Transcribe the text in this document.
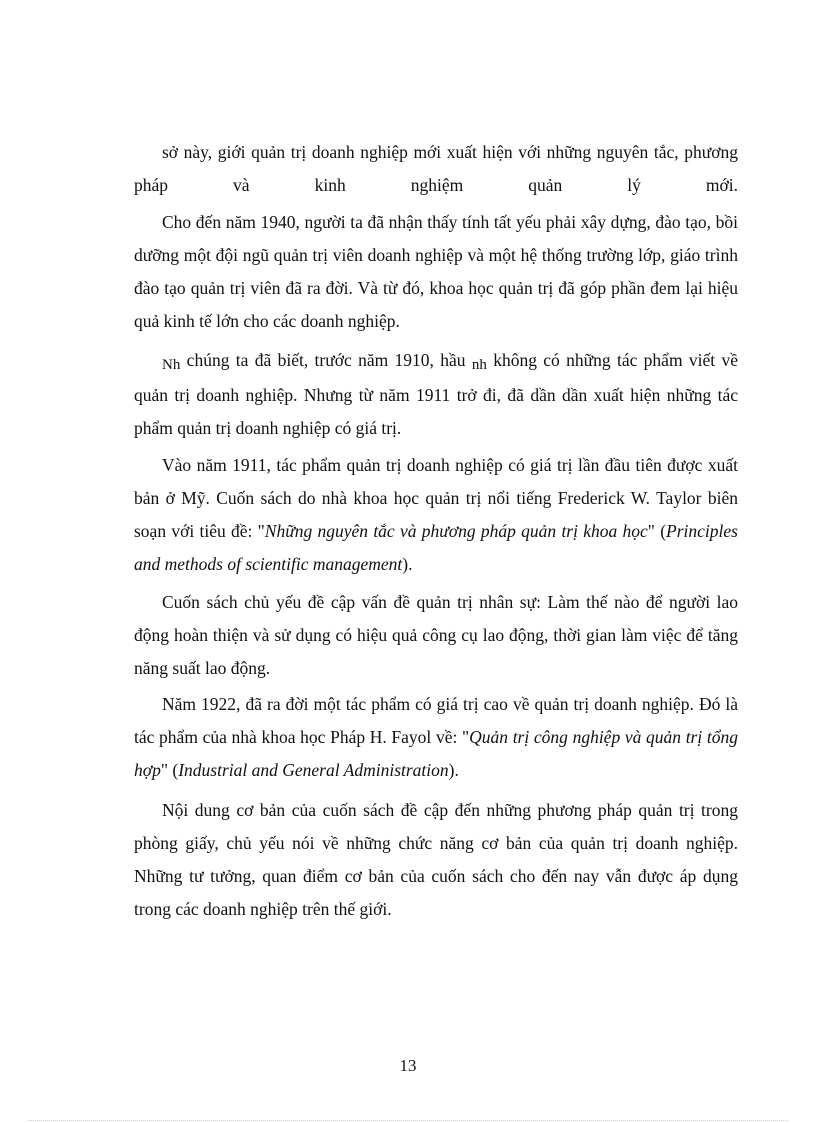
sở này, giới quản trị doanh nghiệp mới xuất hiện với những nguyên tắc, phương pháp và kinh nghiệm quản lý mới.

Cho đến năm 1940, người ta đã nhận thấy tính tất yếu phải xây dựng, đào tạo, bồi dưỡng một đội ngũ quản trị viên doanh nghiệp và một hệ thống trường lớp, giáo trình đào tạo quản trị viên đã ra đời. Và từ đó, khoa học quản trị đã góp phần đem lại hiệu quả kinh tế lớn cho các doanh nghiệp.

Nh chúng ta đã biết, trước năm 1910, hầu nh không có những tác phẩm viết về quản trị doanh nghiệp. Nhưng từ năm 1911 trở đi, đã dần dần xuất hiện những tác phẩm quản trị doanh nghiệp có giá trị.

Vào năm 1911, tác phẩm quản trị doanh nghiệp có giá trị lần đầu tiên được xuất bản ở Mỹ. Cuốn sách do nhà khoa học quản trị nổi tiếng Frederick W. Taylor biên soạn với tiêu đề: "Những nguyên tắc và phương pháp quản trị khoa học" (Principles and methods of scientific management).

Cuốn sách chủ yếu đề cập vấn đề quản trị nhân sự: Làm thế nào để người lao động hoàn thiện và sử dụng có hiệu quả công cụ lao động, thời gian làm việc để tăng năng suất lao động.

Năm 1922, đã ra đời một tác phẩm có giá trị cao về quản trị doanh nghiệp. Đó là tác phẩm của nhà khoa học Pháp H. Fayol về: "Quản trị công nghiệp và quản trị tổng hợp" (Industrial and General Administration).

Nội dung cơ bản của cuốn sách đề cập đến những phương pháp quản trị trong phòng giấy, chủ yếu nói về những chức năng cơ bản của quản trị doanh nghiệp. Những tư tưởng, quan điểm cơ bản của cuốn sách cho đến nay vẫn được áp dụng trong các doanh nghiệp trên thế giới.

13
